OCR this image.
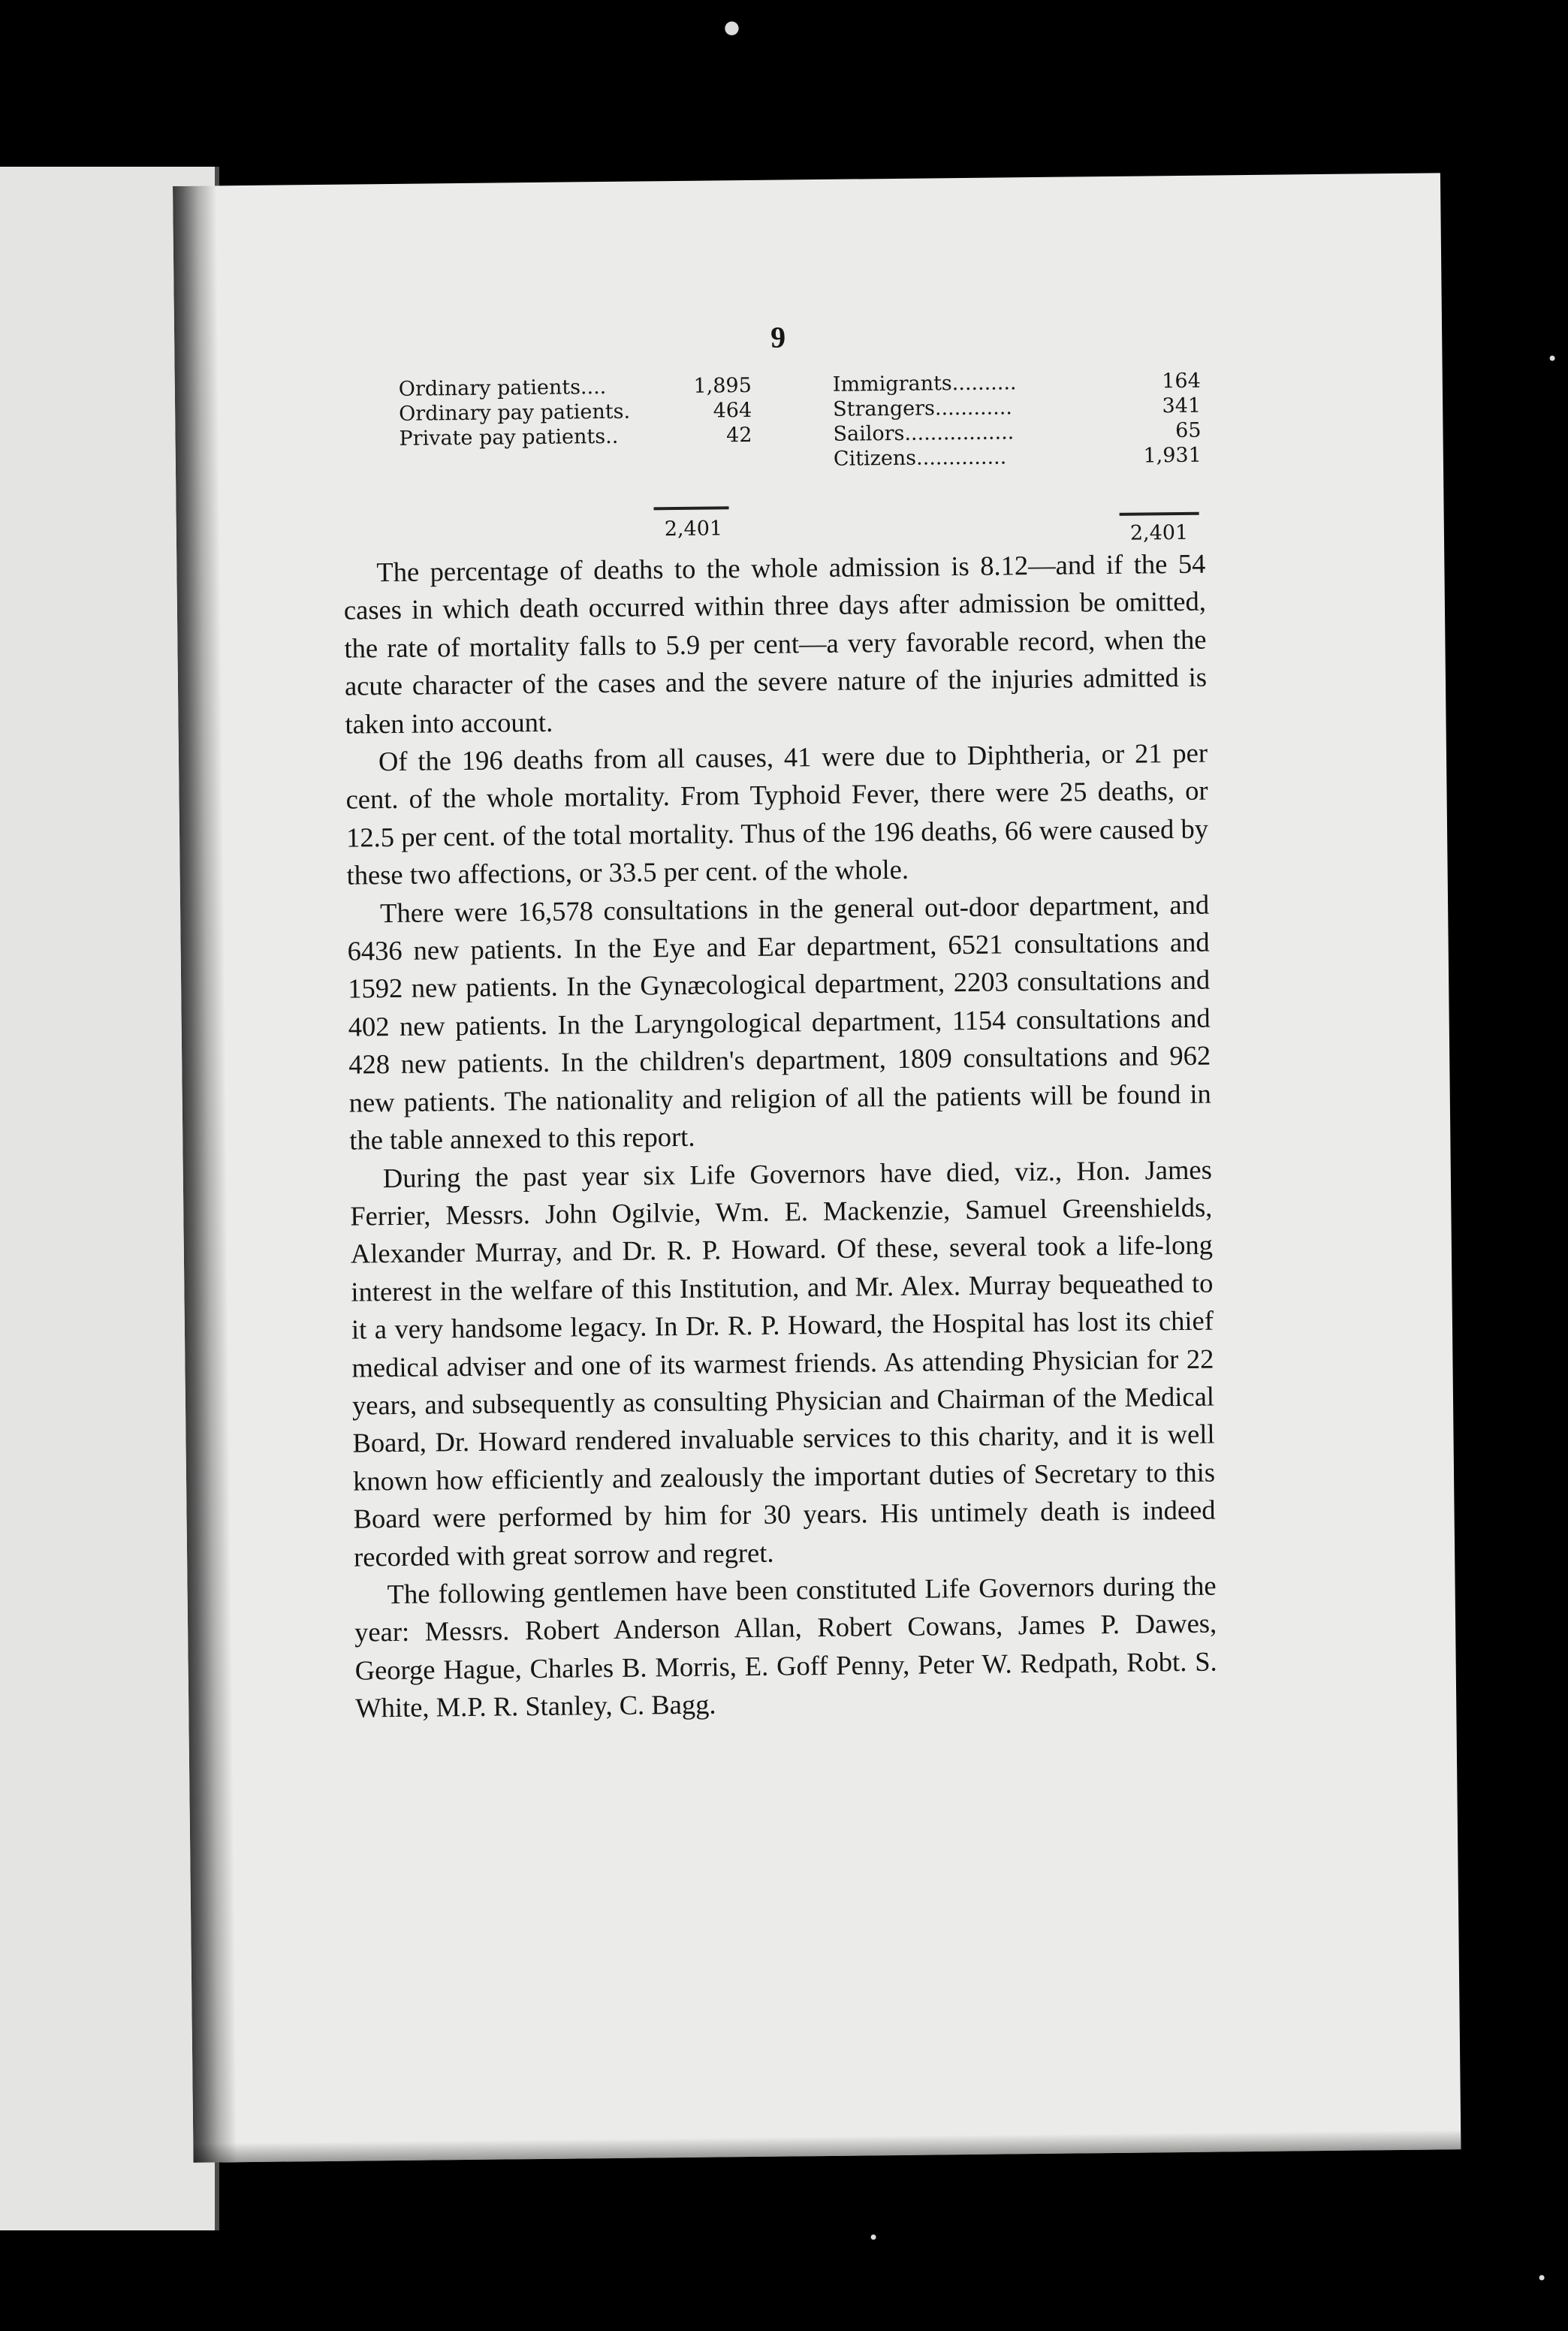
9
Ordinary patients....	1,895
Ordinary pay patients.	464
Private pay patients..	42
2,401
Immigrants..........	164
Strangers............	341
Sailors.................	65
Citizens..............	1,931
2,401

The percentage of deaths to the whole admission is 8.12—and if the 54 cases in which death occurred within three days after admission be omitted, the rate of mortality falls to 5.9 per cent—a very favorable record, when the acute character of the cases and the severe nature of the injuries admitted is taken into account.

Of the 196 deaths from all causes, 41 were due to Diphtheria, or 21 per cent. of the whole mortality. From Typhoid Fever, there were 25 deaths, or 12.5 per cent. of the total mortality. Thus of the 196 deaths, 66 were caused by these two affections, or 33.5 per cent. of the whole.

There were 16,578 consultations in the general out-door department, and 6436 new patients. In the Eye and Ear department, 6521 consultations and 1592 new patients. In the Gynæcological department, 2203 consultations and 402 new patients. In the Laryngological department, 1154 consultations and 428 new patients. In the children's department, 1809 consultations and 962 new patients. The nationality and religion of all the patients will be found in the table annexed to this report.

During the past year six Life Governors have died, viz., Hon. James Ferrier, Messrs. John Ogilvie, Wm. E. Mackenzie, Samuel Greenshields, Alexander Murray, and Dr. R. P. Howard. Of these, several took a life-long interest in the welfare of this Institution, and Mr. Alex. Murray bequeathed to it a very handsome legacy. In Dr. R. P. Howard, the Hospital has lost its chief medical adviser and one of its warmest friends. As attending Physician for 22 years, and subsequently as consulting Physician and Chairman of the Medical Board, Dr. Howard rendered invaluable services to this charity, and it is well known how efficiently and zealously the important duties of Secretary to this Board were performed by him for 30 years. His untimely death is indeed recorded with great sorrow and regret.

The following gentlemen have been constituted Life Governors during the year: Messrs. Robert Anderson Allan, Robert Cowans, James P. Dawes, George Hague, Charles B. Morris, E. Goff Penny, Peter W. Redpath, Robt. S. White, M.P. R. Stanley, C. Bagg.

●
•
•
•
